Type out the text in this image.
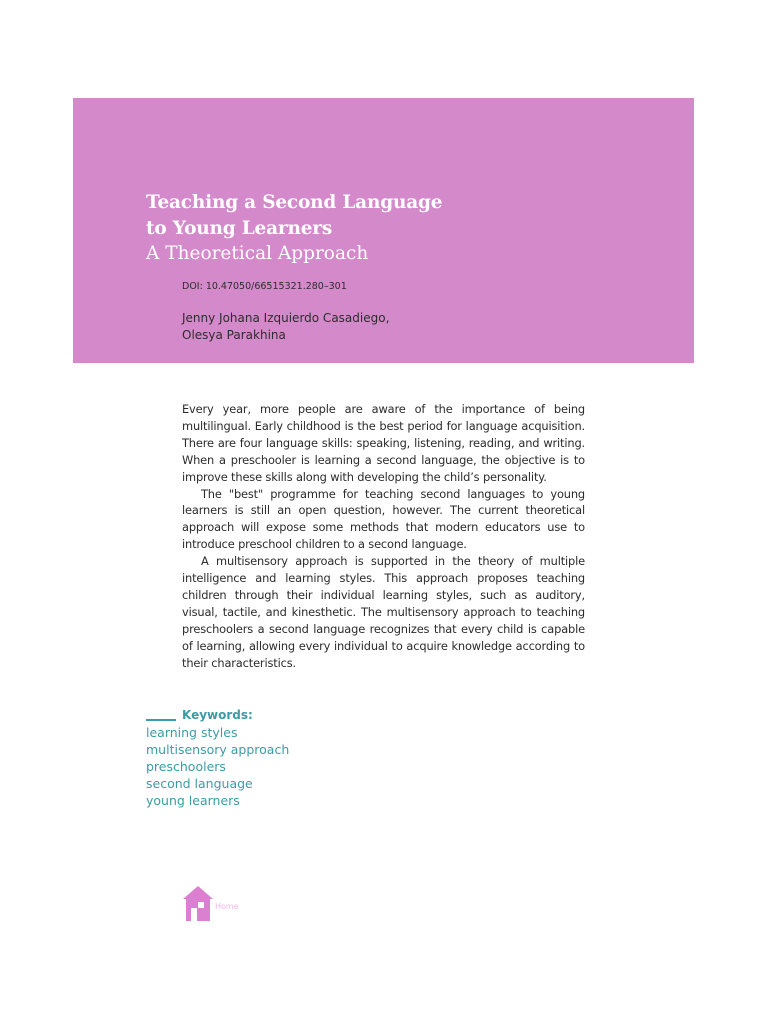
Teaching a Second Language
to Young Learners
A Theoretical Approach
DOI: 10.47050/66515321.280–301
Jenny Johana Izquierdo Casadiego,
Olesya Parakhina

Every year, more people are aware of the importance of being multilingual. Early childhood is the best period for language acquisition. There are four language skills: speaking, listening, reading, and writing. When a preschooler is learning a second language, the objective is to improve these skills along with developing the child’s personality.

The "best" programme for teaching second languages to young learners is still an open question, however. The current theoretical approach will expose some methods that modern educators use to introduce preschool children to a second language.

A multisensory approach is supported in the theory of multiple intelligence and learning styles. This approach proposes teaching children through their individual learning styles, such as auditory, visual, tactile, and kinesthetic. The multisensory approach to teaching preschoolers a second language recognizes that every child is capable of learning, allowing every individual to acquire knowledge according to their characteristics.

Keywords:
learning styles
multisensory approach
preschoolers
second language
young learners
Home
